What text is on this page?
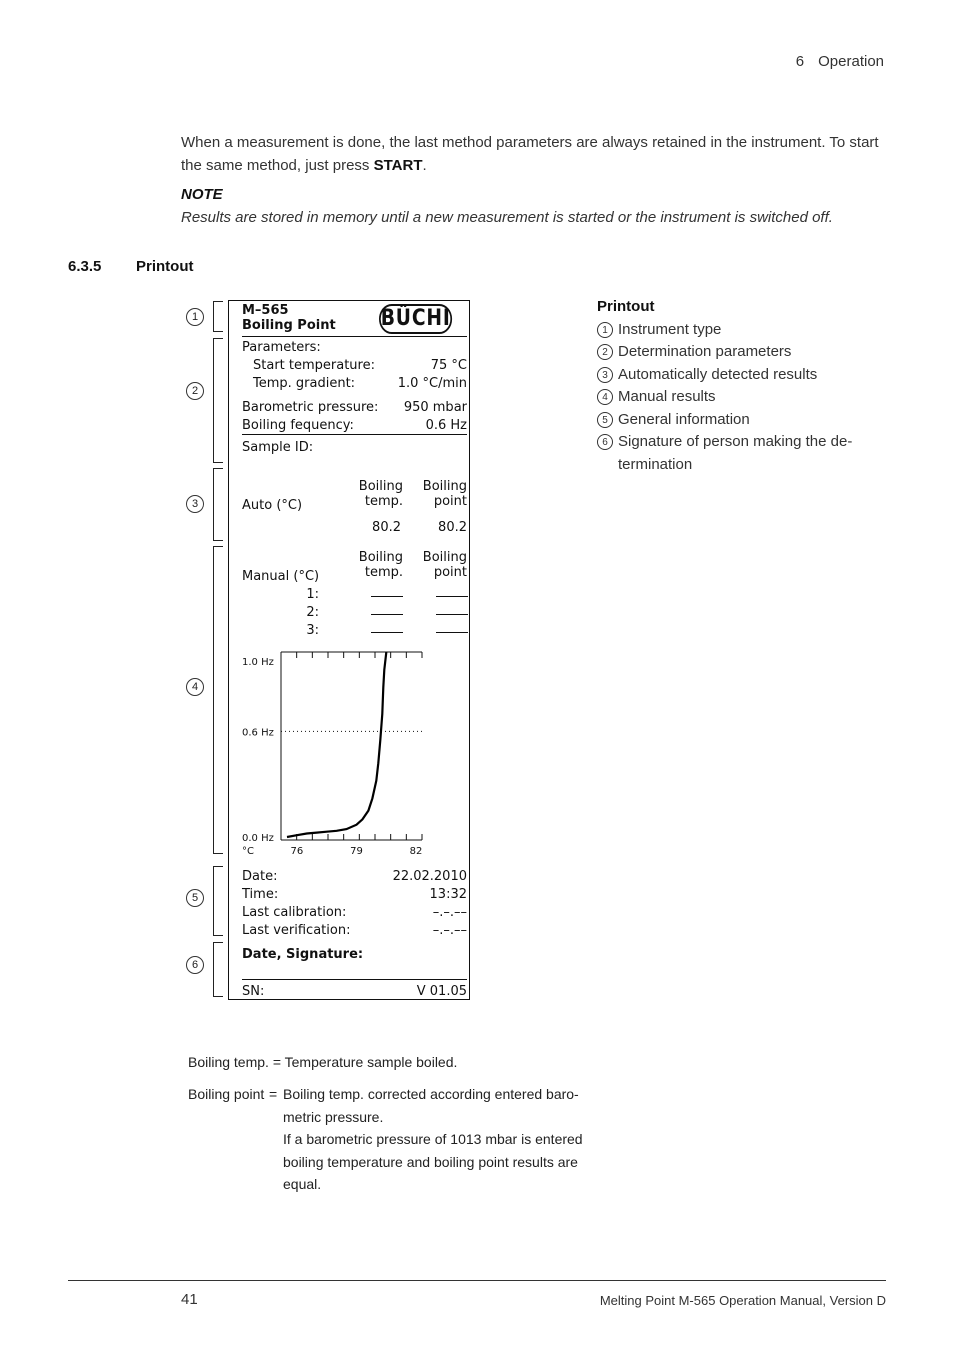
6 Operation
When a measurement is done, the last method parameters are always retained in the instrument. To start the same method, just press START.
NOTE
Results are stored in memory until a new measurement is started or the instrument is switched off.
6.3.5 Printout
1
2
3
4
5
6
M–565
Boiling Point	BÜCHI
Parameters:
Start temperature:	75 °C
Temp. gradient:	1.0 °C/min
Barometric pressure: 950 mbar
Boiling fequency:	0.6 Hz
Sample ID:
Boiling
temp.
Boiling
point
Auto (°C)
80.2	80.2
Boiling
temp.
Boiling
point
Manual (°C)
1:
2:
3:
1.0 Hz
0.6 Hz
0.0 Hz
°C	76	79	82
Date:	22.02.2010
Time:	13:32
Last calibration:	–.–.––
Last verification:	–.–.––
Date, Signature:
SN:	V 01.05
Printout
1 Instrument type
2 Determination parameters
3 Automatically detected results
4 Manual results
5 General information
6 Signature of person making the de-
termination
Boiling temp. = Temperature sample boiled.
Boiling point = Boiling temp. corrected according entered baro-
metric pressure.
If a barometric pressure of 1013 mbar is entered
boiling temperature and boiling point results are
equal.
41	Melting Point M-565 Operation Manual, Version D
